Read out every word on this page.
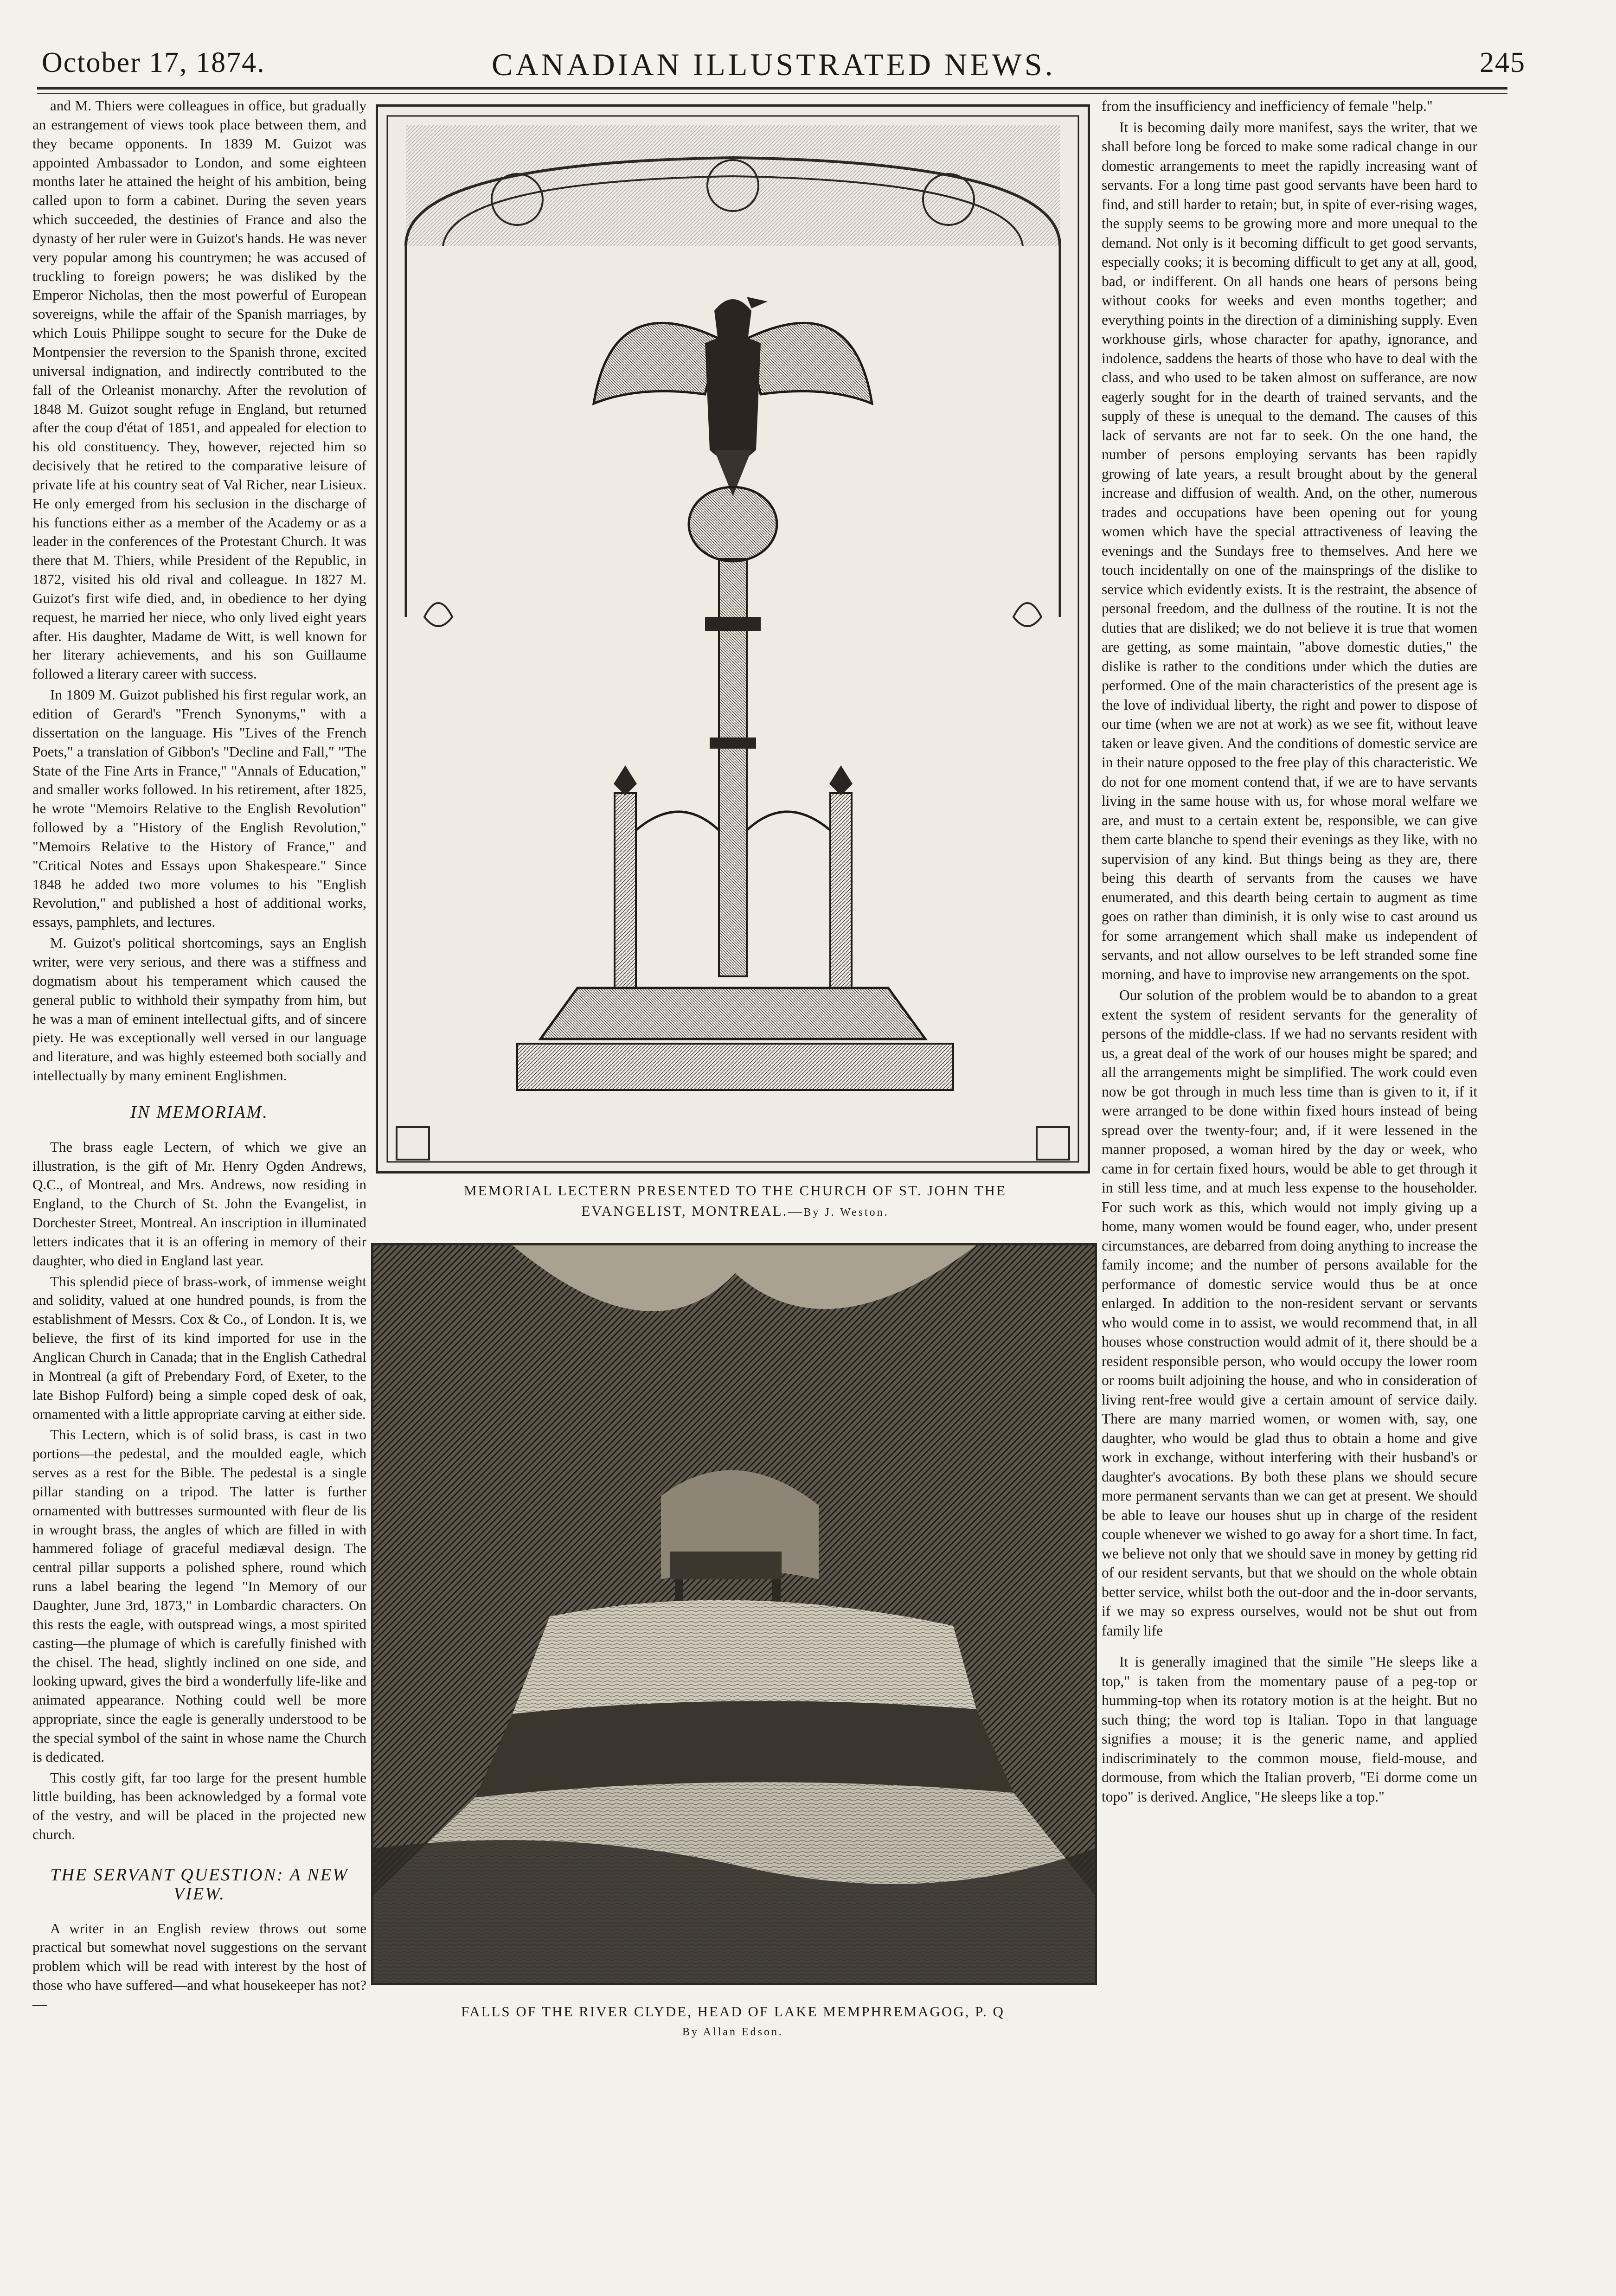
October 17, 1874.	CANADIAN ILLUSTRATED NEWS.	245

and M. Thiers were colleagues in office, but gradually an estrangement of views took place between them, and they became opponents. In 1839 M. Guizot was appointed Ambassador to London, and some eighteen months later he attained the height of his ambition, being called upon to form a cabinet. During the seven years which succeeded, the destinies of France and also the dynasty of her ruler were in Guizot's hands. He was never very popular among his countrymen; he was accused of truckling to foreign powers; he was disliked by the Emperor Nicholas, then the most powerful of European sovereigns, while the affair of the Spanish marriages, by which Louis Philippe sought to secure for the Duke de Montpensier the reversion to the Spanish throne, excited universal indignation, and indirectly contributed to the fall of the Orleanist monarchy. After the revolution of 1848 M. Guizot sought refuge in England, but returned after the coup d'état of 1851, and appealed for election to his old constituency. They, however, rejected him so decisively that he retired to the comparative leisure of private life at his country seat of Val Richer, near Lisieux. He only emerged from his seclusion in the discharge of his functions either as a member of the Academy or as a leader in the conferences of the Protestant Church. It was there that M. Thiers, while President of the Republic, in 1872, visited his old rival and colleague. In 1827 M. Guizot's first wife died, and, in obedience to her dying request, he married her niece, who only lived eight years after. His daughter, Madame de Witt, is well known for her literary achievements, and his son Guillaume followed a literary career with success.

In 1809 M. Guizot published his first regular work, an edition of Gerard's "French Synonyms," with a dissertation on the language. His "Lives of the French Poets," a translation of Gibbon's "Decline and Fall," "The State of the Fine Arts in France," "Annals of Education," and smaller works followed. In his retirement, after 1825, he wrote "Memoirs Relative to the English Revolution" followed by a "History of the English Revolution," "Memoirs Relative to the History of France," and "Critical Notes and Essays upon Shakespeare." Since 1848 he added two more volumes to his "English Revolution," and published a host of additional works, essays, pamphlets, and lectures.

M. Guizot's political shortcomings, says an English writer, were very serious, and there was a stiffness and dogmatism about his temperament which caused the general public to withhold their sympathy from him, but he was a man of eminent intellectual gifts, and of sincere piety. He was exceptionally well versed in our language and literature, and was highly esteemed both socially and intellectually by many eminent Englishmen.

IN MEMORIAM.

The brass eagle Lectern, of which we give an illustration, is the gift of Mr. Henry Ogden Andrews, Q.C., of Montreal, and Mrs. Andrews, now residing in England, to the Church of St. John the Evangelist, in Dorchester Street, Montreal. An inscription in illuminated letters indicates that it is an offering in memory of their daughter, who died in England last year.

This splendid piece of brass-work, of immense weight and solidity, valued at one hundred pounds, is from the establishment of Messrs. Cox & Co., of London. It is, we believe, the first of its kind imported for use in the Anglican Church in Canada; that in the English Cathedral in Montreal (a gift of Prebendary Ford, of Exeter, to the late Bishop Fulford) being a simple coped desk of oak, ornamented with a little appropriate carving at either side.

This Lectern, which is of solid brass, is cast in two portions—the pedestal, and the moulded eagle, which serves as a rest for the Bible. The pedestal is a single pillar standing on a tripod. The latter is further ornamented with buttresses surmounted with fleur de lis in wrought brass, the angles of which are filled in with hammered foliage of graceful mediæval design. The central pillar supports a polished sphere, round which runs a label bearing the legend "In Memory of our Daughter, June 3rd, 1873," in Lombardic characters. On this rests the eagle, with outspread wings, a most spirited casting—the plumage of which is carefully finished with the chisel. The head, slightly inclined on one side, and looking upward, gives the bird a wonderfully life-like and animated appearance. Nothing could well be more appropriate, since the eagle is generally understood to be the special symbol of the saint in whose name the Church is dedicated.

This costly gift, far too large for the present humble little building, has been acknowledged by a formal vote of the vestry, and will be placed in the projected new church.

THE SERVANT QUESTION: A NEW VIEW.

A writer in an English review throws out some practical but somewhat novel suggestions on the servant problem which will be read with interest by the host of those who have suffered—and what housekeeper has not?—

MEMORIAL LECTERN PRESENTED TO THE CHURCH OF ST. JOHN THE EVANGELIST, MONTREAL.—By J. Weston.
FALLS OF THE RIVER CLYDE, HEAD OF LAKE MEMPHREMAGOG, P. Q
By Allan Edson.

from the insufficiency and inefficiency of female "help."

It is becoming daily more manifest, says the writer, that we shall before long be forced to make some radical change in our domestic arrangements to meet the rapidly increasing want of servants. For a long time past good servants have been hard to find, and still harder to retain; but, in spite of ever-rising wages, the supply seems to be growing more and more unequal to the demand. Not only is it becoming difficult to get good servants, especially cooks; it is becoming difficult to get any at all, good, bad, or indifferent. On all hands one hears of persons being without cooks for weeks and even months together; and everything points in the direction of a diminishing supply. Even workhouse girls, whose character for apathy, ignorance, and indolence, saddens the hearts of those who have to deal with the class, and who used to be taken almost on sufferance, are now eagerly sought for in the dearth of trained servants, and the supply of these is unequal to the demand. The causes of this lack of servants are not far to seek. On the one hand, the number of persons employing servants has been rapidly growing of late years, a result brought about by the general increase and diffusion of wealth. And, on the other, numerous trades and occupations have been opening out for young women which have the special attractiveness of leaving the evenings and the Sundays free to themselves. And here we touch incidentally on one of the mainsprings of the dislike to service which evidently exists. It is the restraint, the absence of personal freedom, and the dullness of the routine. It is not the duties that are disliked; we do not believe it is true that women are getting, as some maintain, "above domestic duties," the dislike is rather to the conditions under which the duties are performed. One of the main characteristics of the present age is the love of individual liberty, the right and power to dispose of our time (when we are not at work) as we see fit, without leave taken or leave given. And the conditions of domestic service are in their nature opposed to the free play of this characteristic. We do not for one moment contend that, if we are to have servants living in the same house with us, for whose moral welfare we are, and must to a certain extent be, responsible, we can give them carte blanche to spend their evenings as they like, with no supervision of any kind. But things being as they are, there being this dearth of servants from the causes we have enumerated, and this dearth being certain to augment as time goes on rather than diminish, it is only wise to cast around us for some arrangement which shall make us independent of servants, and not allow ourselves to be left stranded some fine morning, and have to improvise new arrangements on the spot.

Our solution of the problem would be to abandon to a great extent the system of resident servants for the generality of persons of the middle-class. If we had no servants resident with us, a great deal of the work of our houses might be spared; and all the arrangements might be simplified. The work could even now be got through in much less time than is given to it, if it were arranged to be done within fixed hours instead of being spread over the twenty-four; and, if it were lessened in the manner proposed, a woman hired by the day or week, who came in for certain fixed hours, would be able to get through it in still less time, and at much less expense to the householder. For such work as this, which would not imply giving up a home, many women would be found eager, who, under present circumstances, are debarred from doing anything to increase the family income; and the number of persons available for the performance of domestic service would thus be at once enlarged. In addition to the non-resident servant or servants who would come in to assist, we would recommend that, in all houses whose construction would admit of it, there should be a resident responsible person, who would occupy the lower room or rooms built adjoining the house, and who in consideration of living rent-free would give a certain amount of service daily. There are many married women, or women with, say, one daughter, who would be glad thus to obtain a home and give work in exchange, without interfering with their husband's or daughter's avocations. By both these plans we should secure more permanent servants than we can get at present. We should be able to leave our houses shut up in charge of the resident couple whenever we wished to go away for a short time. In fact, we believe not only that we should save in money by getting rid of our resident servants, but that we should on the whole obtain better service, whilst both the out-door and the in-door servants, if we may so express ourselves, would not be shut out from family life

It is generally imagined that the simile "He sleeps like a top," is taken from the momentary pause of a peg-top or humming-top when its rotatory motion is at the height. But no such thing; the word top is Italian. Topo in that language signifies a mouse; it is the generic name, and applied indiscriminately to the common mouse, field-mouse, and dormouse, from which the Italian proverb, "Ei dorme come un topo" is derived. Anglice, "He sleeps like a top."
